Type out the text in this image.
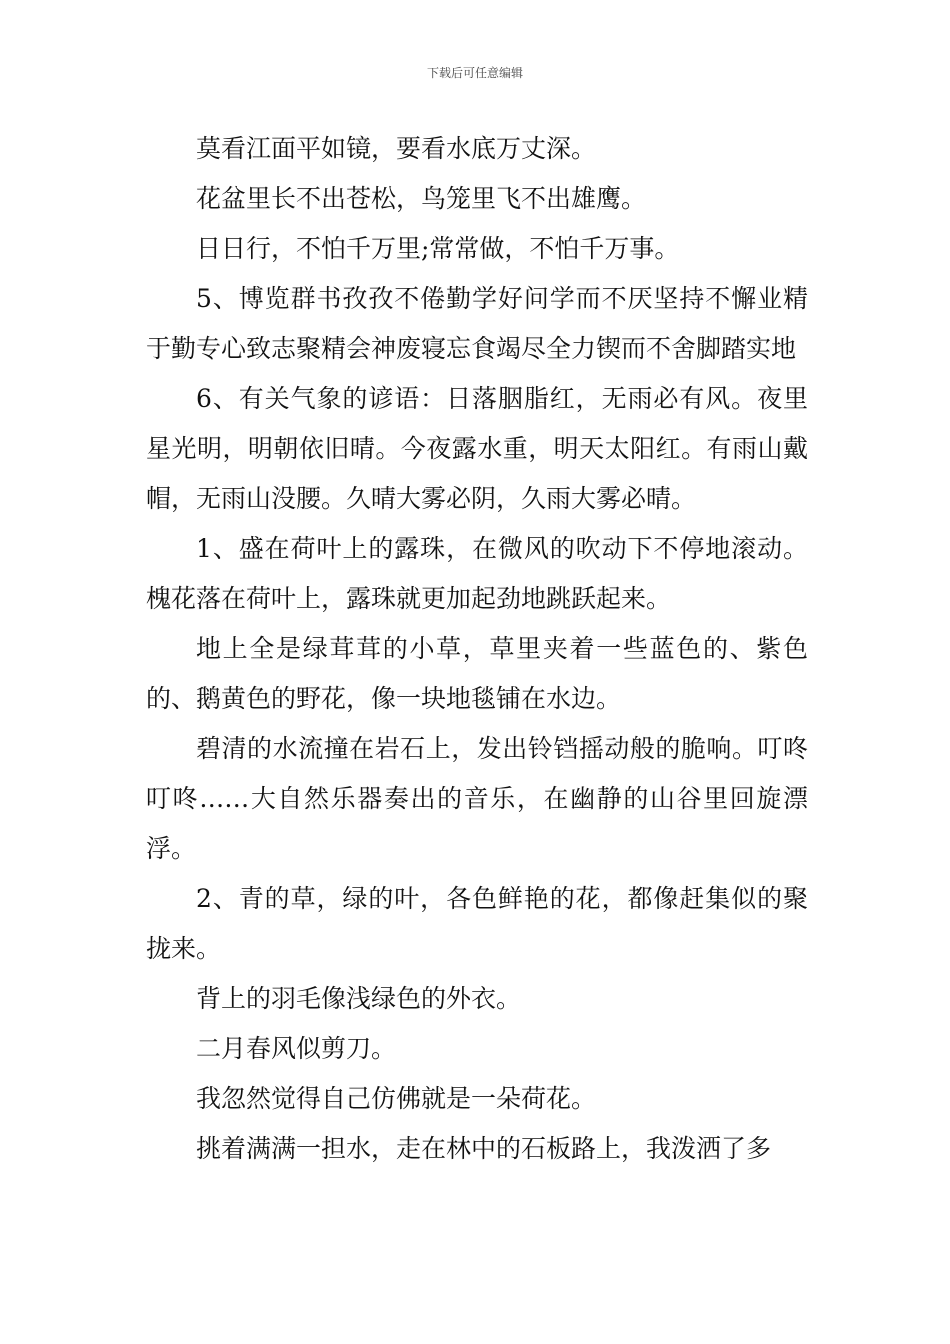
下载后可任意编辑

莫看江面平如镜，要看水底万丈深。

花盆里长不出苍松，鸟笼里飞不出雄鹰。

日日行，不怕千万里;常常做，不怕千万事。

5、博览群书孜孜不倦勤学好问学而不厌坚持不懈业精于勤专心致志聚精会神废寝忘食竭尽全力锲而不舍脚踏实地

6、有关气象的谚语：日落胭脂红，无雨必有风。夜里星光明，明朝依旧晴。今夜露水重，明天太阳红。有雨山戴帽，无雨山没腰。久晴大雾必阴，久雨大雾必晴。

1、盛在荷叶上的露珠，在微风的吹动下不停地滚动。槐花落在荷叶上，露珠就更加起劲地跳跃起来。

地上全是绿茸茸的小草，草里夹着一些蓝色的、紫色的、鹅黄色的野花，像一块地毯铺在水边。

碧清的水流撞在岩石上，发出铃铛摇动般的脆响。叮咚叮咚……大自然乐器奏出的音乐，在幽静的山谷里回旋漂浮。

2、青的草，绿的叶，各色鲜艳的花，都像赶集似的聚拢来。

背上的羽毛像浅绿色的外衣。

二月春风似剪刀。

我忽然觉得自己仿佛就是一朵荷花。

挑着满满一担水，走在林中的石板路上，我泼洒了多
